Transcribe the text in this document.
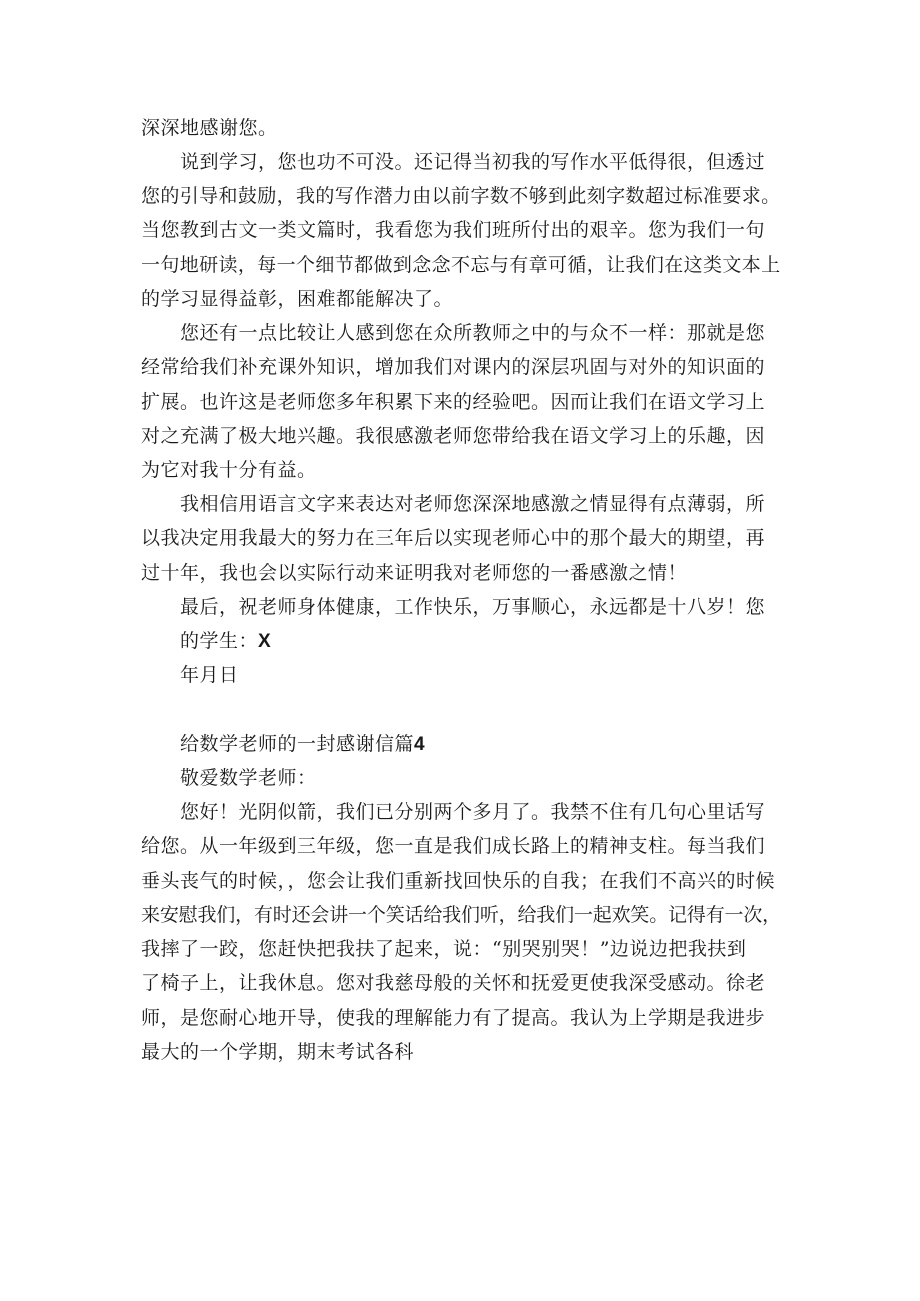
深深地感谢您。
说到学习，您也功不可没。还记得当初我的写作水平低得很，但透过
您的引导和鼓励，我的写作潜力由以前字数不够到此刻字数超过标准要求。
当您教到古文一类文篇时，我看您为我们班所付出的艰辛。您为我们一句
一句地研读，每一个细节都做到念念不忘与有章可循，让我们在这类文本上
的学习显得益彰，困难都能解决了。
您还有一点比较让人感到您在众所教师之中的与众不一样：那就是您
经常给我们补充课外知识，增加我们对课内的深层巩固与对外的知识面的
扩展。也许这是老师您多年积累下来的经验吧。因而让我们在语文学习上
对之充满了极大地兴趣。我很感激老师您带给我在语文学习上的乐趣，因
为它对我十分有益。
我相信用语言文字来表达对老师您深深地感激之情显得有点薄弱，所
以我决定用我最大的努力在三年后以实现老师心中的那个最大的期望，再
过十年，我也会以实际行动来证明我对老师您的一番感激之情！
最后，祝老师身体健康，工作快乐，万事顺心，永远都是十八岁！您
的学生：X
年月日
给数学老师的一封感谢信篇4
敬爱数学老师：
您好！光阴似箭，我们已分别两个多月了。我禁不住有几句心里话写
给您。从一年级到三年级，您一直是我们成长路上的精神支柱。每当我们
垂头丧气的时候，，您会让我们重新找回快乐的自我；在我们不高兴的时候
来安慰我们，有时还会讲一个笑话给我们听，给我们一起欢笑。记得有一次，
我摔了一跤，您赶快把我扶了起来，说：“别哭别哭！”边说边把我扶到
了椅子上，让我休息。您对我慈母般的关怀和抚爱更使我深受感动。徐老
师，是您耐心地开导，使我的理解能力有了提高。我认为上学期是我进步
最大的一个学期，期末考试各科
